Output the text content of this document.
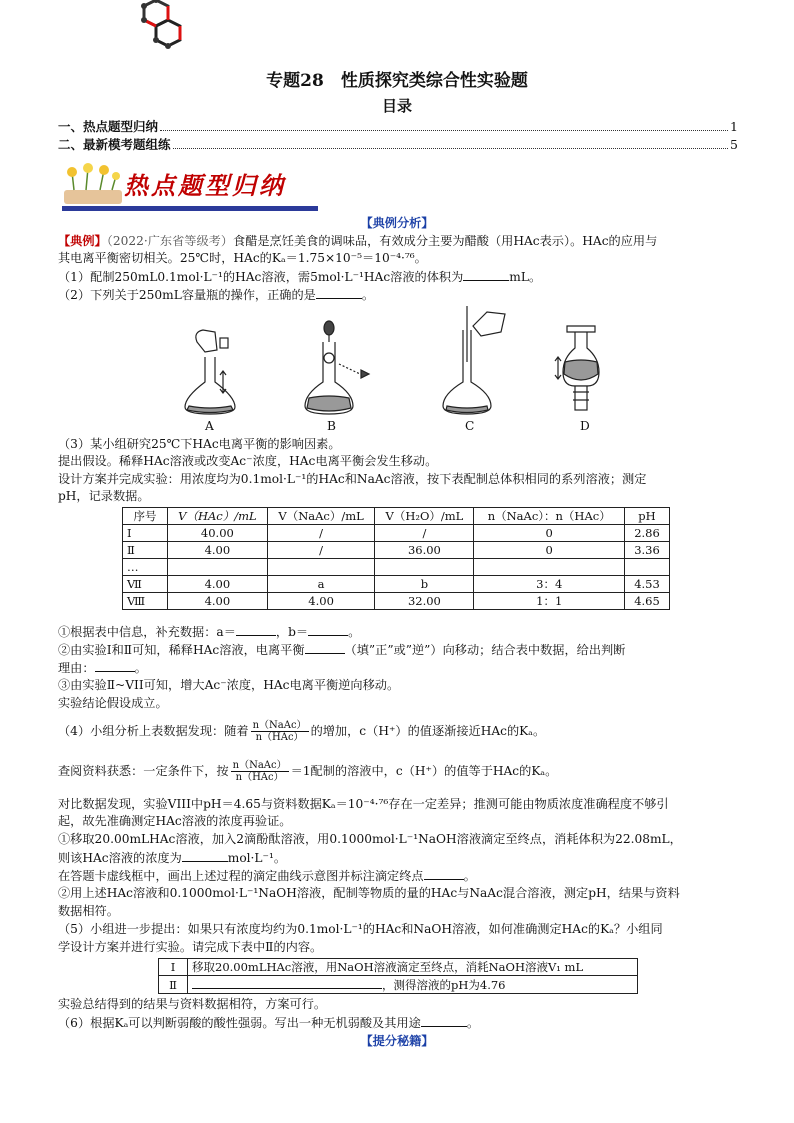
专题28　性质探究类综合性实验题
目录
一、热点题型归纳	1
二、最新模考题组练	5
热点题型归纳
【典例分析】
【典例】（2022·广东省等级考）食醋是烹饪美食的调味品，有效成分主要为醋酸（用HAc表示）。HAc的应用与
其电离平衡密切相关。25℃时，HAc的Kₐ＝1.75×10⁻⁵＝10⁻⁴·⁷⁶。
（1）配制250mL0.1mol·L⁻¹的HAc溶液，需5mol·L⁻¹HAc溶液的体积为	mL。
（2）下列关于250mL容量瓶的操作，正确的是	。
A	B	C	D
（3）某小组研究25℃下HAc电离平衡的影响因素。
提出假设。稀释HAc溶液或改变Ac⁻浓度，HAc电离平衡会发生移动。
设计方案并完成实验：用浓度均为0.1mol·L⁻¹的HAc和NaAc溶液，按下表配制总体积相同的系列溶液；测定
pH，记录数据。
序号	V（HAc）/mL	V（NaAc）/mL	V（H₂O）/mL	n（NaAc）：n（HAc）	pH
Ⅰ	40.00	/	/	0	2.86
Ⅱ	4.00	/	36.00	0	3.36
…					
Ⅶ	4.00	a	b	3：4	4.53
Ⅷ	4.00	4.00	32.00	1：1	4.65
①根据表中信息，补充数据：a＝	，b＝	。
②由实验Ⅰ和Ⅱ可知，稀释HAc溶液，电离平衡	（填”正”或”逆”）向移动；结合表中数据，给出判断
理由：	。
③由实验Ⅱ~VII可知，增大Ac⁻浓度，HAc电离平衡逆向移动。
实验结论假设成立。
（4）小组分析上表数据发现：随着 $\frac{\text{n（NaAc）}}{\text{n（HAc）}}$ 的增加，c（H⁺）的值逐渐接近HAc的Kₐ。
查阅资料获悉：一定条件下，按 $\frac{\text{n（NaAc）}}{\text{n（HAc）}} =1$配制的溶液中，c（H⁺）的值等于HAc的Kₐ。
对比数据发现，实验VIII中pH＝4.65与资料数据Kₐ＝10⁻⁴·⁷⁶存在一定差异；推测可能由物质浓度准确程度不够引
起，故先准确测定HAc溶液的浓度再验证。
①移取20.00mLHAc溶液，加入2滴酚酞溶液，用0.1000mol·L⁻¹NaOH溶液滴定至终点，消耗体积为22.08mL，
则该HAc溶液的浓度为	mol·L⁻¹。
在答题卡虚线框中，画出上述过程的滴定曲线示意图并标注滴定终点	。
②用上述HAc溶液和0.1000mol·L⁻¹NaOH溶液，配制等物质的量的HAc与NaAc混合溶液，测定pH，结果与资料
数据相符。
（5）小组进一步提出：如果只有浓度均约为0.1mol·L⁻¹的HAc和NaOH溶液，如何准确测定HAc的Kₐ？小组同
学设计方案并进行实验。请完成下表中Ⅱ的内容。
Ⅰ	移取20.00mLHAc溶液，用NaOH溶液滴定至终点，消耗NaOH溶液V₁ mL
Ⅱ	，测得溶液的pH为4.76
实验总结得到的结果与资料数据相符，方案可行。
（6）根据Kₐ可以判断弱酸的酸性强弱。写出一种无机弱酸及其用途	。
【提分秘籍】
